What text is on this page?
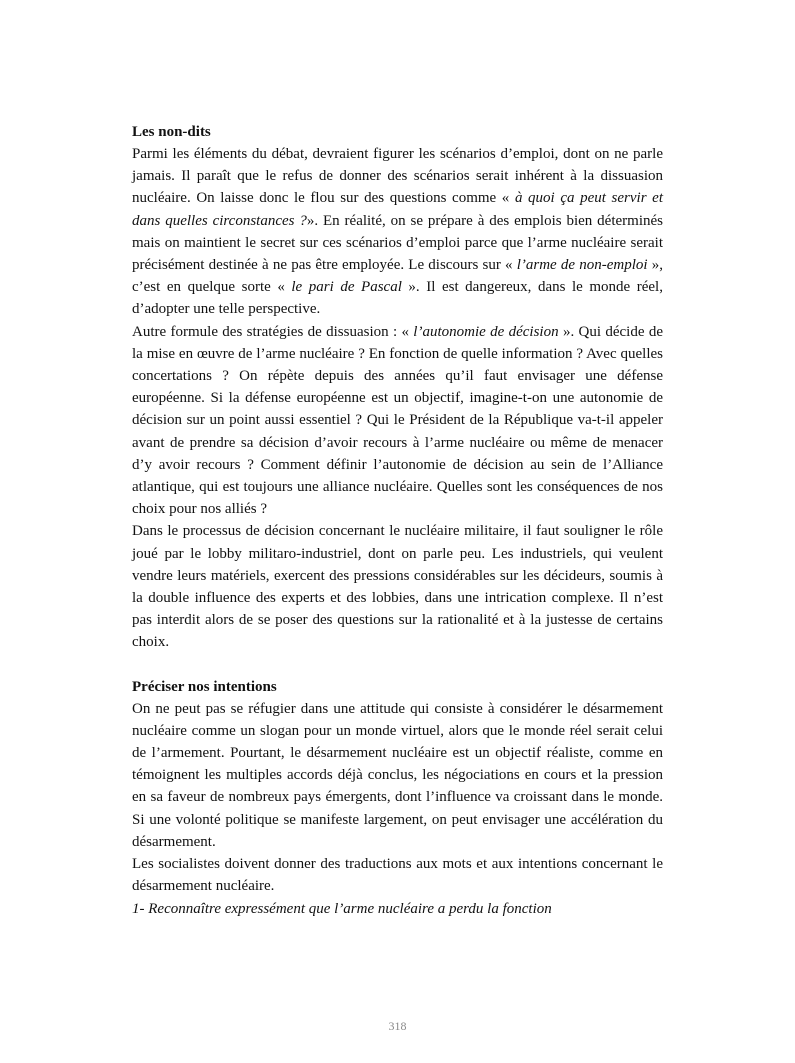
Les non-dits

Parmi les éléments du débat, devraient figurer les scénarios d’emploi, dont on ne parle jamais. Il paraît que le refus de donner des scénarios serait inhérent à la dissuasion nucléaire. On laisse donc le flou sur des questions comme « à quoi ça peut servir et dans quelles circonstances ?». En réalité, on se prépare à des emplois bien déterminés mais on maintient le secret sur ces scénarios d’emploi parce que l’arme nucléaire serait précisément destinée à ne pas être employée. Le discours sur « l’arme de non-emploi », c’est en quelque sorte « le pari de Pascal ». Il est dangereux, dans le monde réel, d’adopter une telle perspective.

Autre formule des stratégies de dissuasion : « l’autonomie de décision ». Qui décide de la mise en œuvre de l’arme nucléaire ? En fonction de quelle information ? Avec quelles concertations ? On répète depuis des années qu’il faut envisager une défense européenne. Si la défense européenne est un objectif, imagine-t-on une autonomie de décision sur un point aussi essentiel ? Qui le Président de la République va-t-il appeler avant de prendre sa décision d’avoir recours à l’arme nucléaire ou même de menacer d’y avoir recours ? Comment définir l’autonomie de décision au sein de l’Alliance atlantique, qui est toujours une alliance nucléaire. Quelles sont les conséquences de nos choix pour nos alliés ?

Dans le processus de décision concernant le nucléaire militaire, il faut souligner le rôle joué par le lobby militaro-industriel, dont on parle peu. Les industriels, qui veulent vendre leurs matériels, exercent des pressions considérables sur les décideurs, soumis à la double influence des experts et des lobbies, dans une intrication complexe. Il n’est pas interdit alors de se poser des questions sur la rationalité et à la justesse de certains choix.

Préciser nos intentions

On ne peut pas se réfugier dans une attitude qui consiste à considérer le désarmement nucléaire comme un slogan pour un monde virtuel, alors que le monde réel serait celui de l’armement. Pourtant, le désarmement nucléaire est un objectif réaliste, comme en témoignent les multiples accords déjà conclus, les négociations en cours et la pression en sa faveur de nombreux pays émergents, dont l’influence va croissant dans le monde. Si une volonté politique se manifeste largement, on peut envisager une accélération du désarmement.

Les socialistes doivent donner des traductions aux mots et aux intentions concernant le désarmement nucléaire.

1- Reconnaître expressément que l’arme nucléaire a perdu la fonction

318
